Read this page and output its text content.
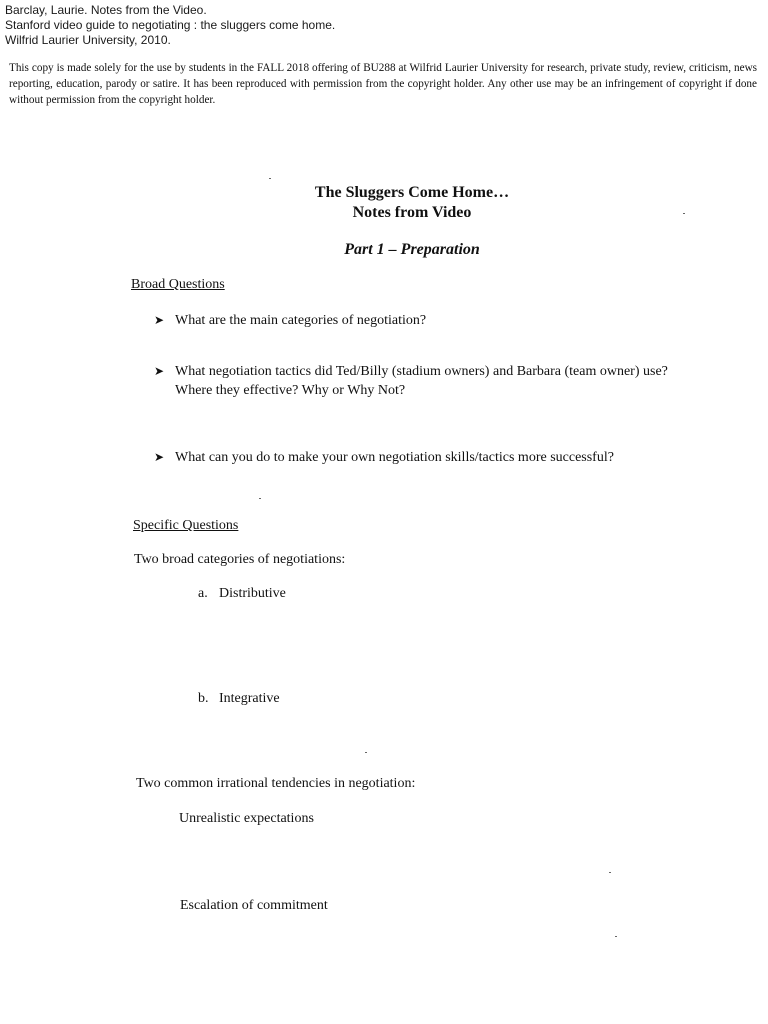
Barclay, Laurie. Notes from the Video.
Stanford video guide to negotiating : the sluggers come home.
Wilfrid Laurier University, 2010.
This copy is made solely for the use by students in the FALL 2018 offering of BU288 at Wilfrid Laurier University for research, private study, review, criticism, news reporting, education, parody or satire. It has been reproduced with permission from the copyright holder. Any other use may be an infringement of copyright if done without permission from the copyright holder.
The Sluggers Come Home…
Notes from Video
Part 1 – Preparation
Broad Questions
➤ What are the main categories of negotiation?
➤ What negotiation tactics did Ted/Billy (stadium owners) and Barbara (team owner) use?
Where they effective? Why or Why Not?
➤ What can you do to make your own negotiation skills/tactics more successful?
Specific Questions
Two broad categories of negotiations:
a. Distributive
b. Integrative
Two common irrational tendencies in negotiation:
Unrealistic expectations
Escalation of commitment
